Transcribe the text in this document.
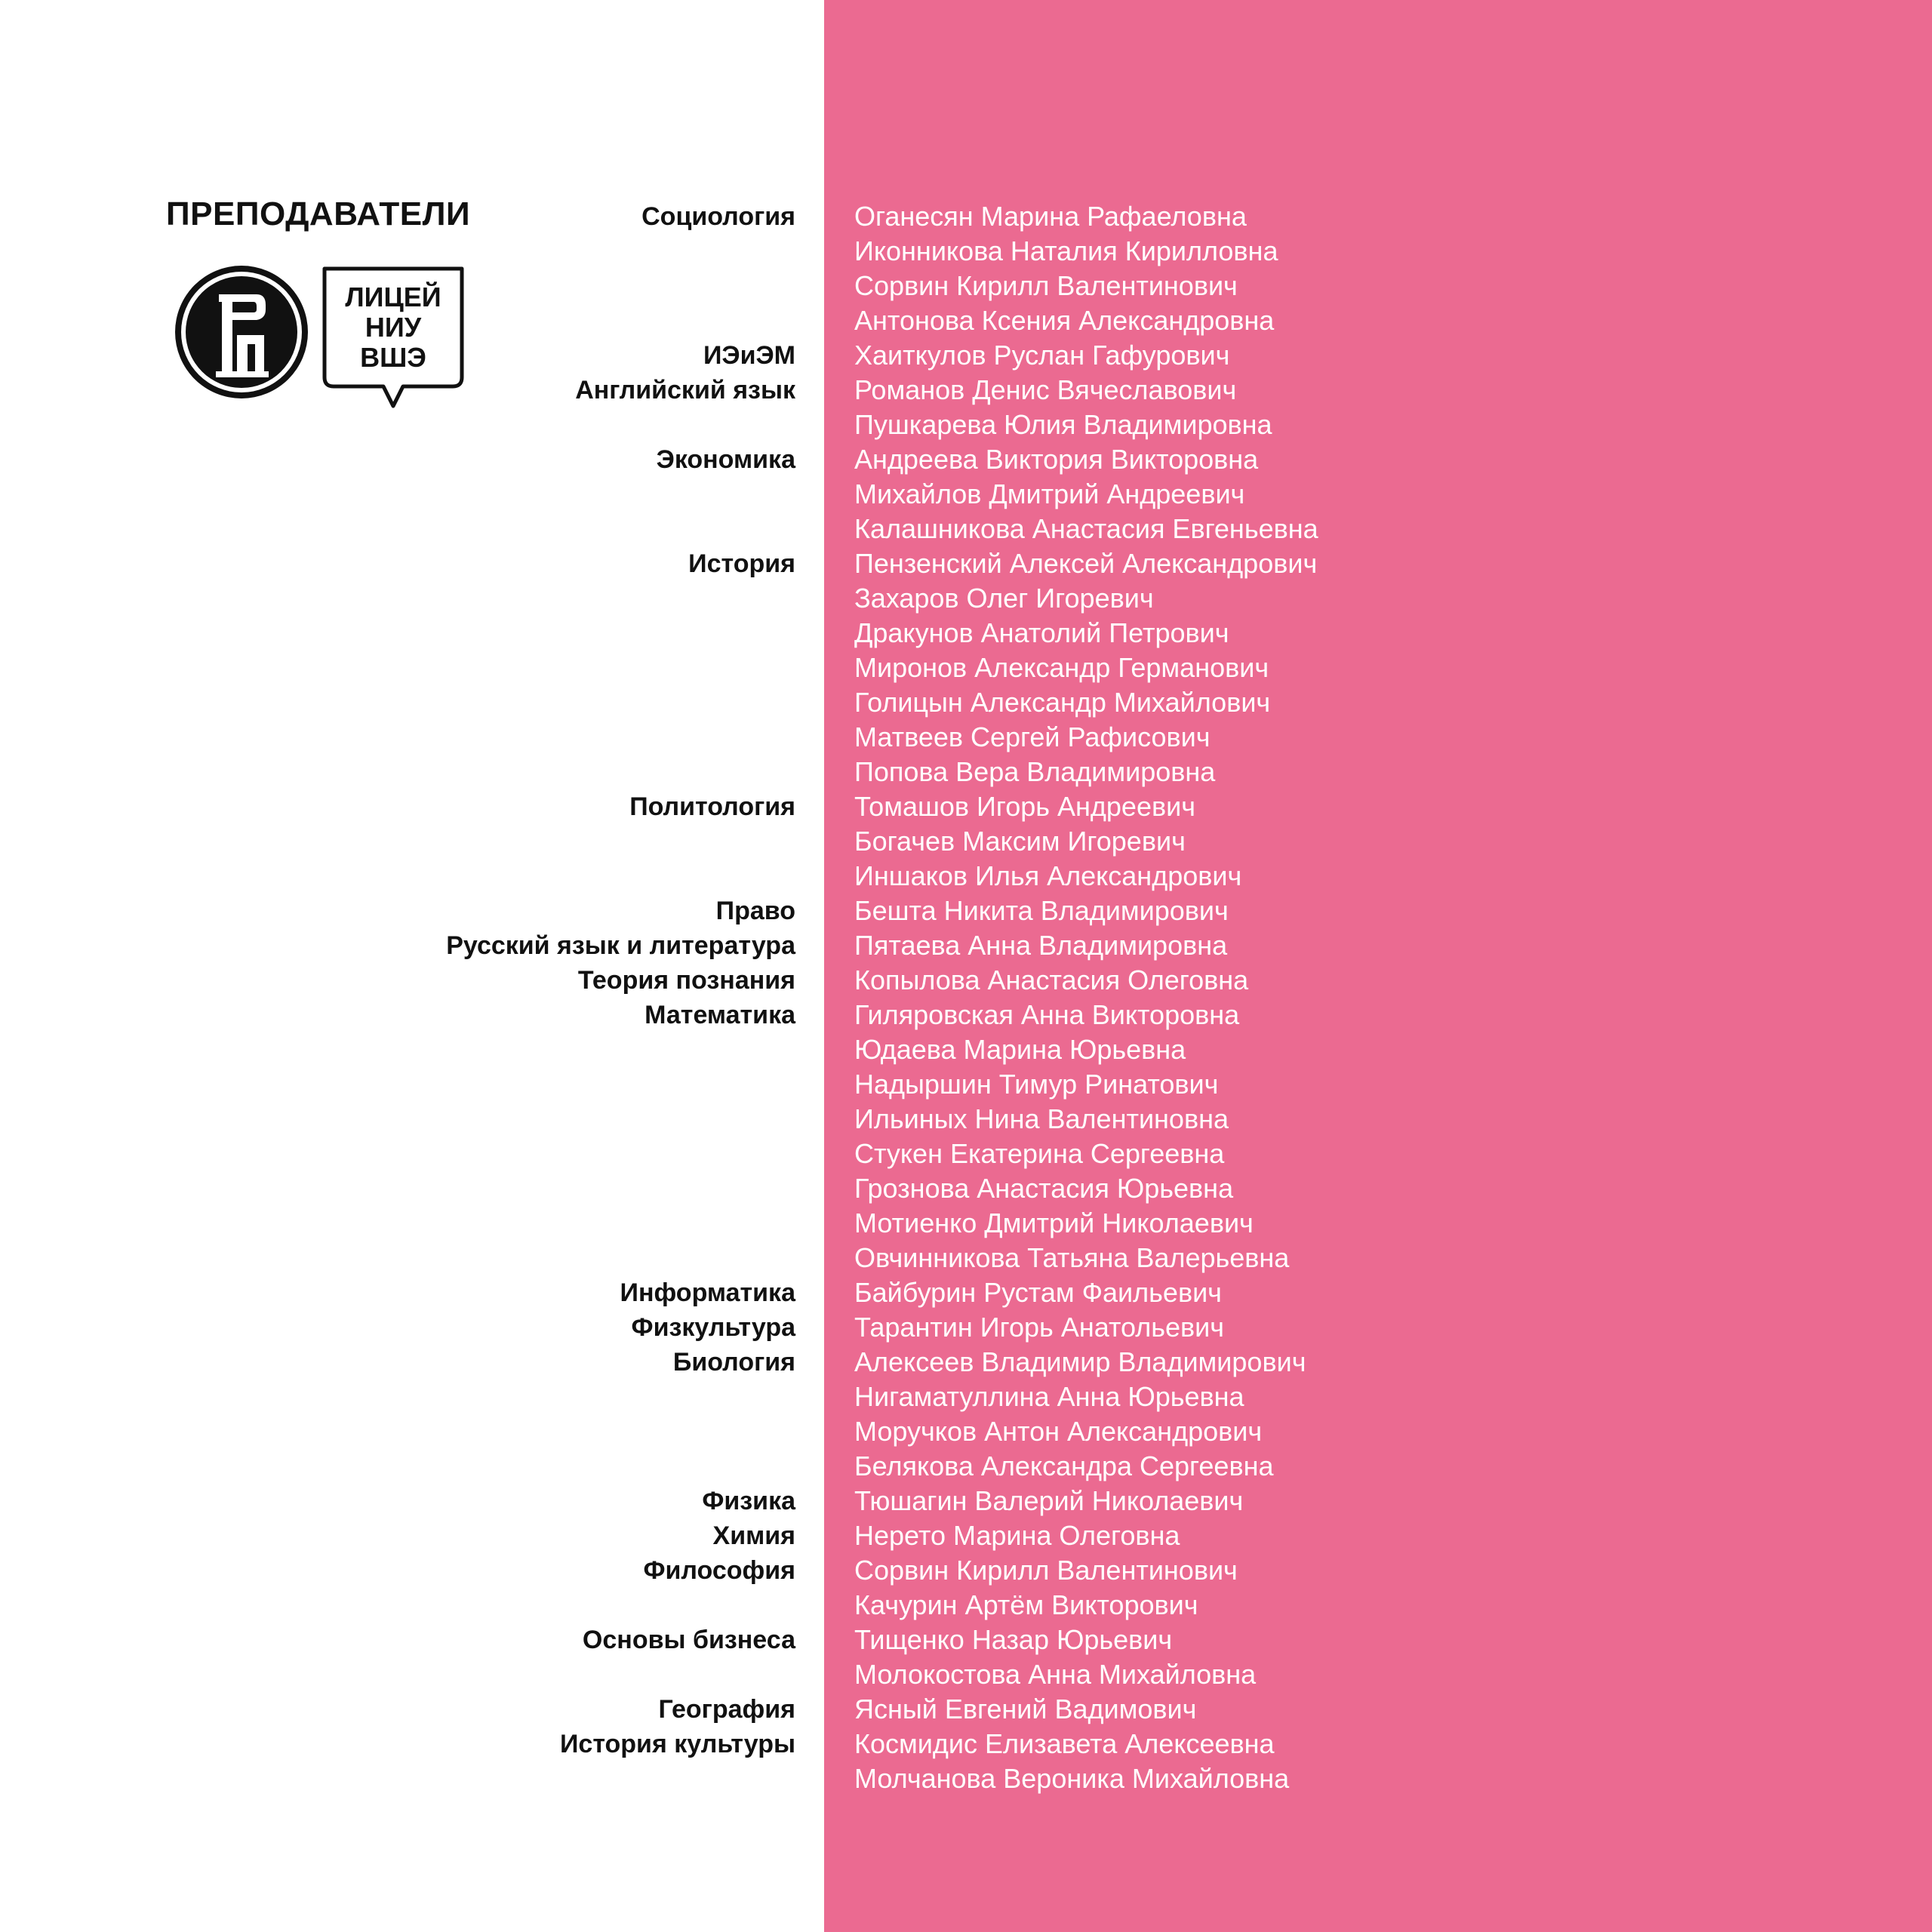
ПРЕПОДАВАТЕЛИ
ЛИЦЕЙ
НИУ
ВШЭ
Социология
ИЭиЭМ
Английский язык
Экономика
История
Политология
Право
Русский язык и литература
Теория познания
Математика
Информатика
Физкультура
Биология
Физика
Химия
Философия
Основы бизнеса
География
История культуры
Оганесян Марина Рафаеловна
Иконникова Наталия Кирилловна
Сорвин Кирилл Валентинович
Антонова Ксения Александровна
Хаиткулов Руслан Гафурович
Романов Денис Вячеславович
Пушкарева Юлия Владимировна
Андреева Виктория Викторовна
Михайлов Дмитрий Андреевич
Калашникова Анастасия Евгеньевна
Пензенский Алексей Александрович
Захаров Олег Игоревич
Дракунов Анатолий Петрович
Миронов Александр Германович
Голицын Александр Михайлович
Матвеев Сергей Рафисович
Попова Вера Владимировна
Томашов Игорь Андреевич
Богачев Максим Игоревич
Иншаков Илья Александрович
Бешта Никита Владимирович
Пятаева Анна Владимировна
Копылова Анастасия Олеговна
Гиляровская Анна Викторовна
Юдаева Марина Юрьевна
Надыршин Тимур Ринатович
Ильиных Нина Валентиновна
Стукен Екатерина Сергеевна
Грознова Анастасия Юрьевна
Мотиенко Дмитрий Николаевич
Овчинникова Татьяна Валерьевна
Байбурин Рустам Фаильевич
Тарантин Игорь Анатольевич
Алексеев Владимир Владимирович
Нигаматуллина Анна Юрьевна
Моручков Антон Александрович
Белякова Александра Сергеевна
Тюшагин Валерий Николаевич
Нерето Марина Олеговна
Сорвин Кирилл Валентинович
Качурин Артём Викторович
Тищенко Назар Юрьевич
Молокостова Анна Михайловна
Ясный Евгений Вадимович
Космидис Елизавета Алексеевна
Молчанова Вероника Михайловна
